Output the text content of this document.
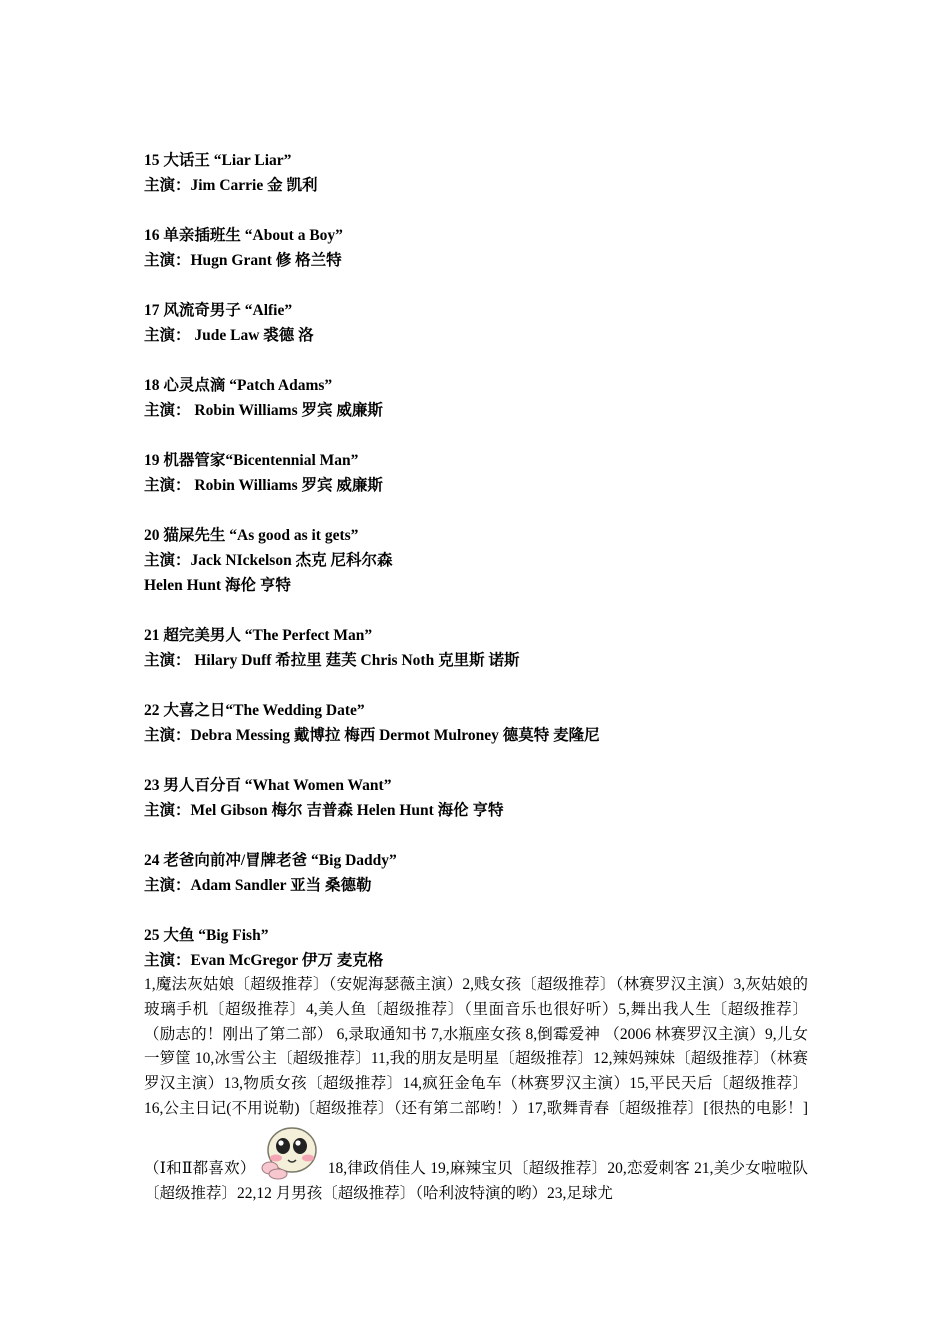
15 大话王 “Liar Liar”
主演：Jim Carrie 金 凯利
16 单亲插班生 “About a Boy”
主演：Hugn Grant 修 格兰特
17 风流奇男子 “Alfie”
主演： Jude Law 裘德 洛
18 心灵点滴 “Patch Adams”
主演： Robin Williams 罗宾 威廉斯
19 机器管家“Bicentennial Man”
主演： Robin Williams 罗宾 威廉斯
20 猫屎先生 “As good as it gets”
主演：Jack NIckelson 杰克 尼科尔森
Helen Hunt 海伦 亨特
21 超完美男人 “The Perfect Man”
主演： Hilary Duff 希拉里 莛芙 Chris Noth 克里斯 诺斯
22 大喜之日“The Wedding Date”
主演：Debra Messing 戴博拉 梅西 Dermot Mulroney 德莫特 麦隆尼
23 男人百分百 “What Women Want”
主演：Mel Gibson 梅尔 吉普森 Helen Hunt 海伦 亨特
24 老爸向前冲/冒牌老爸 “Big Daddy”
主演：Adam Sandler 亚当 桑德勒
25 大鱼 “Big Fish”
主演：Evan McGregor 伊万 麦克格
1,魔法灰姑娘〔超级推荐〕（安妮海瑟薇主演）2,贱女孩〔超级推荐〕（林赛罗汉主演）3,灰姑娘的玻璃手机〔超级推荐〕4,美人鱼〔超级推荐〕（里面音乐也很好听）5,舞出我人生〔超级推荐〕 （励志的！刚出了第二部） 6,录取通知书 7,水瓶座女孩 8,倒霉爱神 （2006 林赛罗汉主演）9,儿女一箩筐 10,冰雪公主〔超级推荐〕11,我的朋友是明星〔超级推荐〕12,辣妈辣妹〔超级推荐〕（林赛罗汉主演）13,物质女孩〔超级推荐〕14,疯狂金龟车（林赛罗汉主演）15,平民天后〔超级推荐〕16,公主日记(不用说勒)〔超级推荐〕（还有第二部哟！）17,歌舞青春〔超级推荐〕[很热的电影！]（Ⅰ和Ⅱ都喜欢）	18,律政俏佳人 19,麻辣宝贝〔超级推荐〕20,恋爱刺客 21,美少女啦啦队〔超级推荐〕22,12 月男孩〔超级推荐〕（哈利波特演的哟）23,足球尤
